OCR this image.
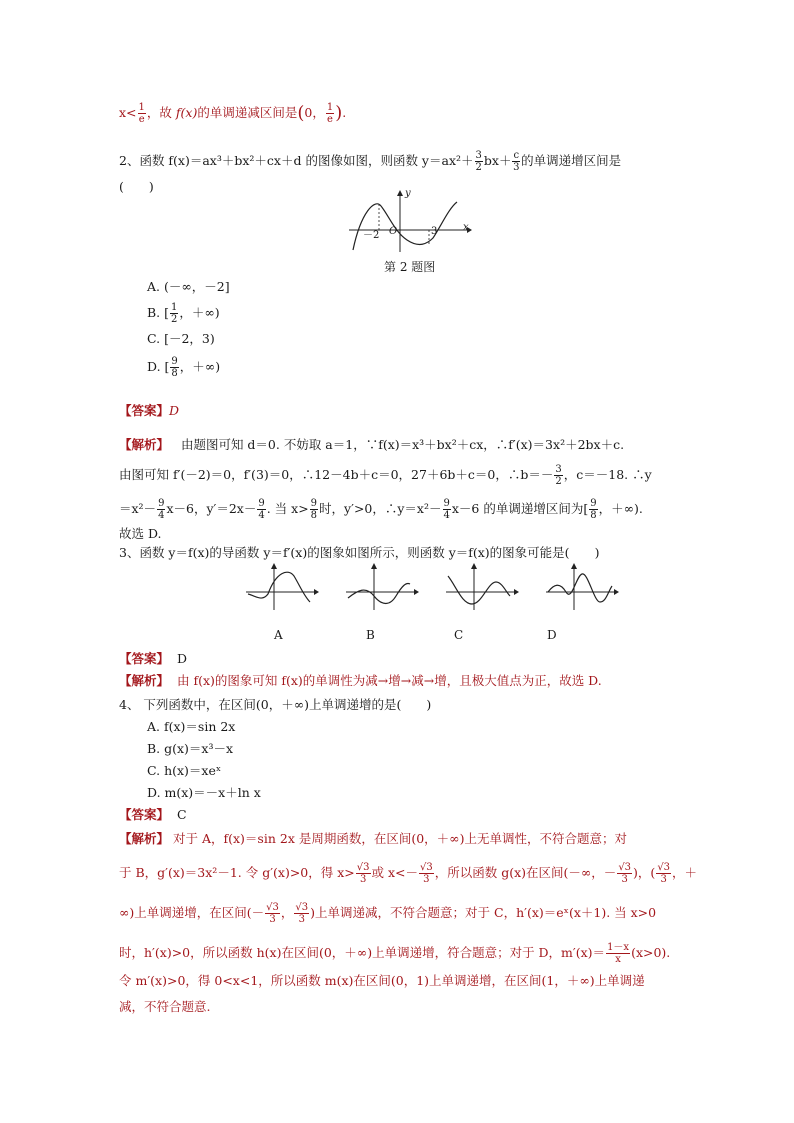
$x< \frac{1}{e}$ ，故 f(x)的单调递减区间是(0， $\frac{1}{e}$ ).
2、函数 f(x)＝ax³＋bx²＋cx＋d 的图像如图，则函数 $y=ax^2+ \frac{3}{2} bx+ \frac{c}{3}$ 的单调递增区间是
(　　)	y
x
－2 O	3
第 2 题图
A. (－∞，－2]
B. [ $\frac{1}{2}$ ，＋∞)
C. [－2，3)
D. [ $\frac{9}{8}$ ，＋∞)
【答案】D
【解析】 由题图可知 d＝0. 不妨取 a＝1，∵f(x)＝x³＋bx²＋cx，∴f′(x)＝3x²＋2bx＋c.
由图可知 f′(－2)＝0，f′(3)＝0，∴12－4b＋c＝0，27＋6b＋c＝0，∴b＝－ $\frac{3}{2}$ ，c＝－18. ∴y
$=x^2- \frac{9}{4} x-6$，$y'=2x- \frac{9}{4}$ . 当 $x> \frac{9}{8}$ 时，y′>0，∴y＝x²－ $\frac{9}{4} x-6$ 的单调递增区间为[ $\frac{9}{8}$ ，＋∞).
故选 D.
3、函数 y＝f(x)的导函数 y＝f′(x)的图象如图所示，则函数 y＝f(x)的图象可能是(　　)
A	B	C	D
【答案】 D
【解析】 由 f(x)的图象可知 f(x)的单调性为减→增→减→增，且极大值点为正，故选 D.
4、 下列函数中，在区间(0，＋∞)上单调递增的是(　　)
A. f(x)＝sin 2x
B. g(x)＝x³－x
C. h(x)＝xeˣ
D. m(x)＝－x＋ln x
【答案】 C
【解析】 对于 A，f(x)＝sin 2x 是周期函数，在区间(0，＋∞)上无单调性，不符合题意；对
于 B，g′(x)＝3x²－1. 令 g′(x)>0，得 $x> \frac{√3}{3}$ 或 $x<- \frac{√3}{3}$ ，所以函数 g(x)在区间(－∞，－ $\frac{√3}{3}$ )，( $\frac{√3}{3}$ ，＋
∞)上单调递增，在区间(－ $\frac{√3}{3}$ ， $\frac{√3}{3}$ )上单调递减，不符合题意；对于 C，h′(x)＝eˣ(x＋1). 当 x>0
时，h′(x)>0，所以函数 h(x)在区间(0，＋∞)上单调递增，符合题意；对于 D，$m'(x)= \frac{1-x}{x} (x>0)$.
令 m′(x)>0，得 0<x<1，所以函数 m(x)在区间(0，1)上单调递增，在区间(1，＋∞)上单调递
减，不符合题意.
